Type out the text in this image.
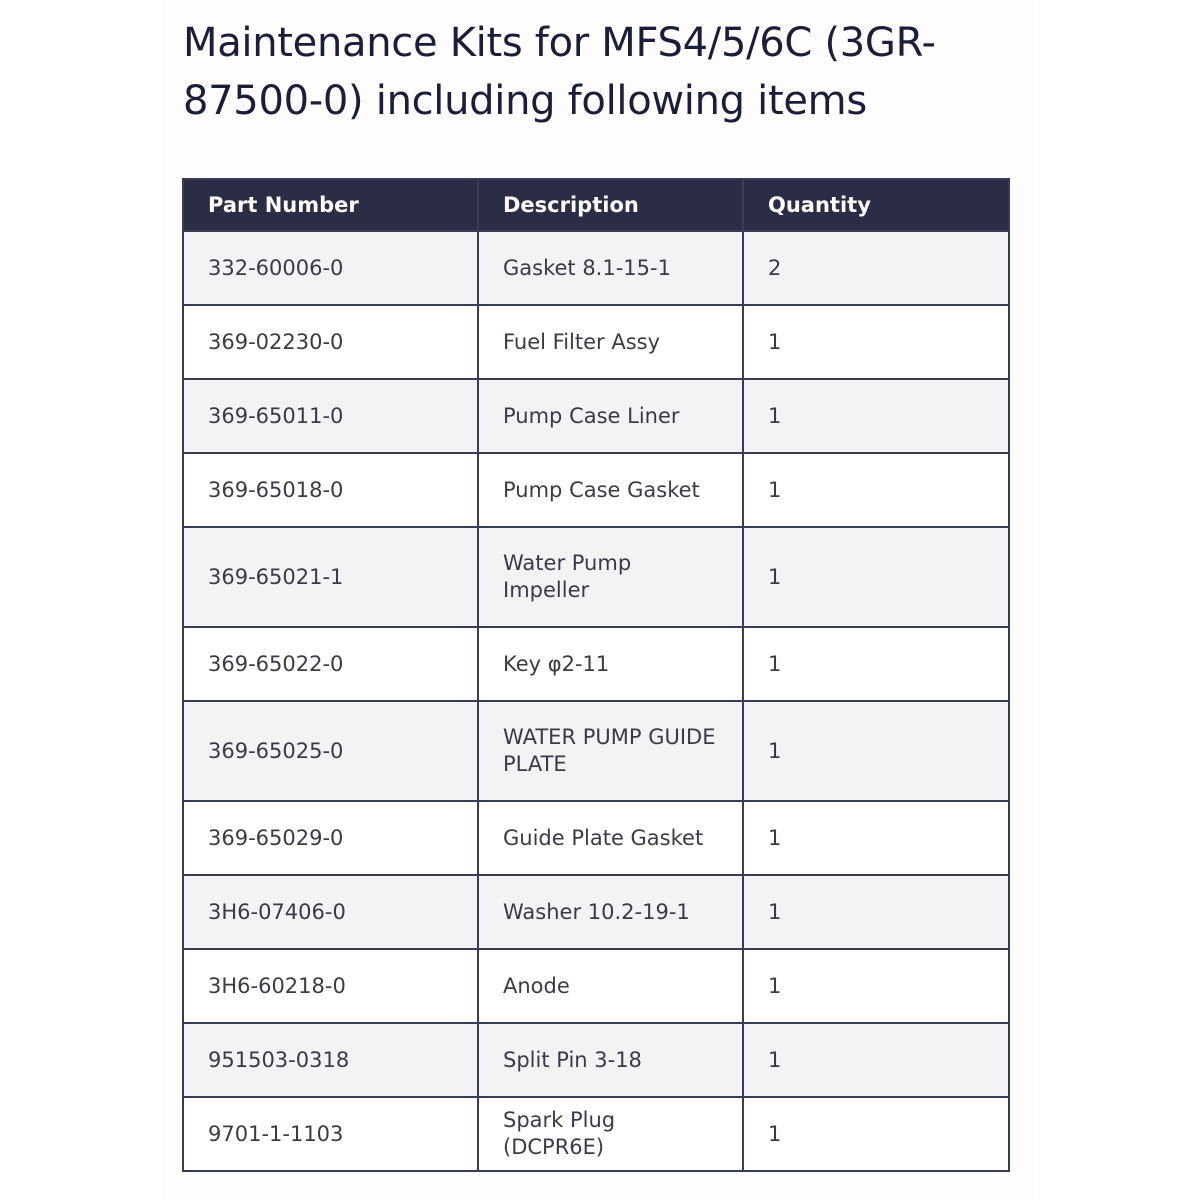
Maintenance Kits for MFS4/5/6C (3GR-87500-0) including following items
Part Number	Description	Quantity
332-60006-0	Gasket 8.1-15-1	2
369-02230-0	Fuel Filter Assy	1
369-65011-0	Pump Case Liner	1
369-65018-0	Pump Case Gasket	1
369-65021-1	Water Pump Impeller	1
369-65022-0	Key φ2-11	1
369-65025-0	WATER PUMP GUIDE PLATE	1
369-65029-0	Guide Plate Gasket	1
3H6-07406-0	Washer 10.2-19-1	1
3H6-60218-0	Anode	1
951503-0318	Split Pin 3-18	1
9701-1-1103	Spark Plug (DCPR6E)	1
